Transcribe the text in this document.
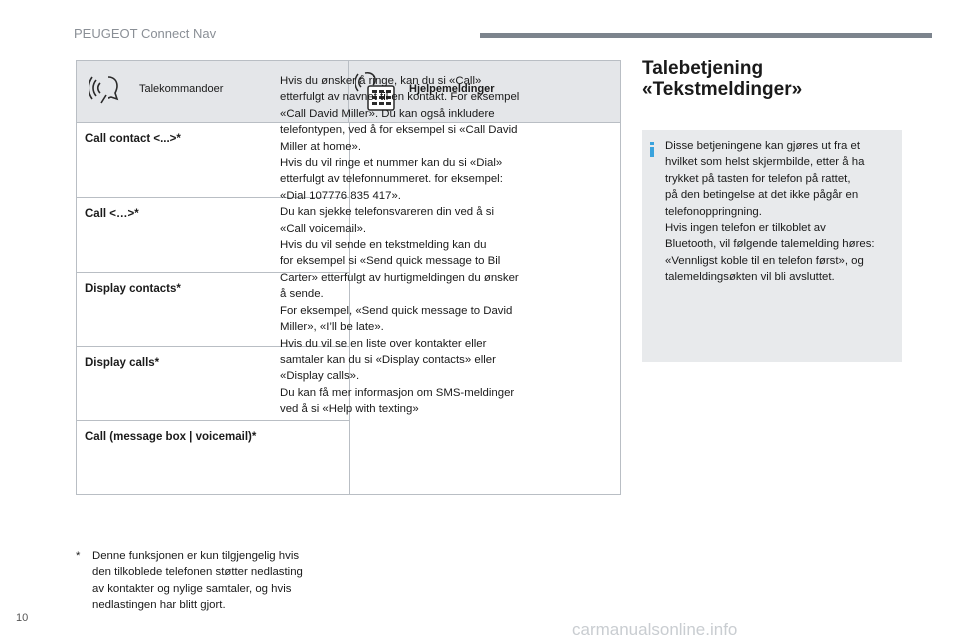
PEUGEOT Connect Nav
Talekommandoer	Hjelpemeldinger
Call contact <...>*
Call <…>*
Display contacts*
Display calls*
Call (message box | voicemail)*
Hvis du ønsker å ringe, kan du si «Call»
etterfulgt av navnet til en kontakt. For eksempel
«Call David Miller». Du kan også inkludere
telefontypen, ved å for eksempel si «Call David
Miller at home».
Hvis du vil ringe et nummer kan du si «Dial»
etterfulgt av telefonnummeret. for eksempel:
«Dial 107776 835 417».
Du kan sjekke telefonsvareren din ved å si
«Call voicemail».
Hvis du vil sende en tekstmelding kan du
for eksempel si «Send quick message to Bil
Carter» etterfulgt av hurtigmeldingen du ønsker
å sende.
For eksempel, «Send quick message to David
Miller», «I’ll be late».
Hvis du vil se en liste over kontakter eller
samtaler kan du si «Display contacts» eller
«Display calls».
Du kan få mer informasjon om SMS-meldinger
ved å si «Help with texting»
* Denne funksjonen er kun tilgjengelig hvis
den tilkoblede telefonen støtter nedlasting
av kontakter og nylige samtaler, og hvis
nedlastingen har blitt gjort.
Talebetjening
«Tekstmeldinger»
Disse betjeningene kan gjøres ut fra et
hvilket som helst skjermbilde, etter å ha
trykket på tasten for telefon på rattet,
på den betingelse at det ikke pågår en
telefonoppringning.
Hvis ingen telefon er tilkoblet av
Bluetooth, vil følgende talemelding høres:
«Vennligst koble til en telefon først», og
talemeldingsøkten vil bli avsluttet.
10
carmanualsonline.info
